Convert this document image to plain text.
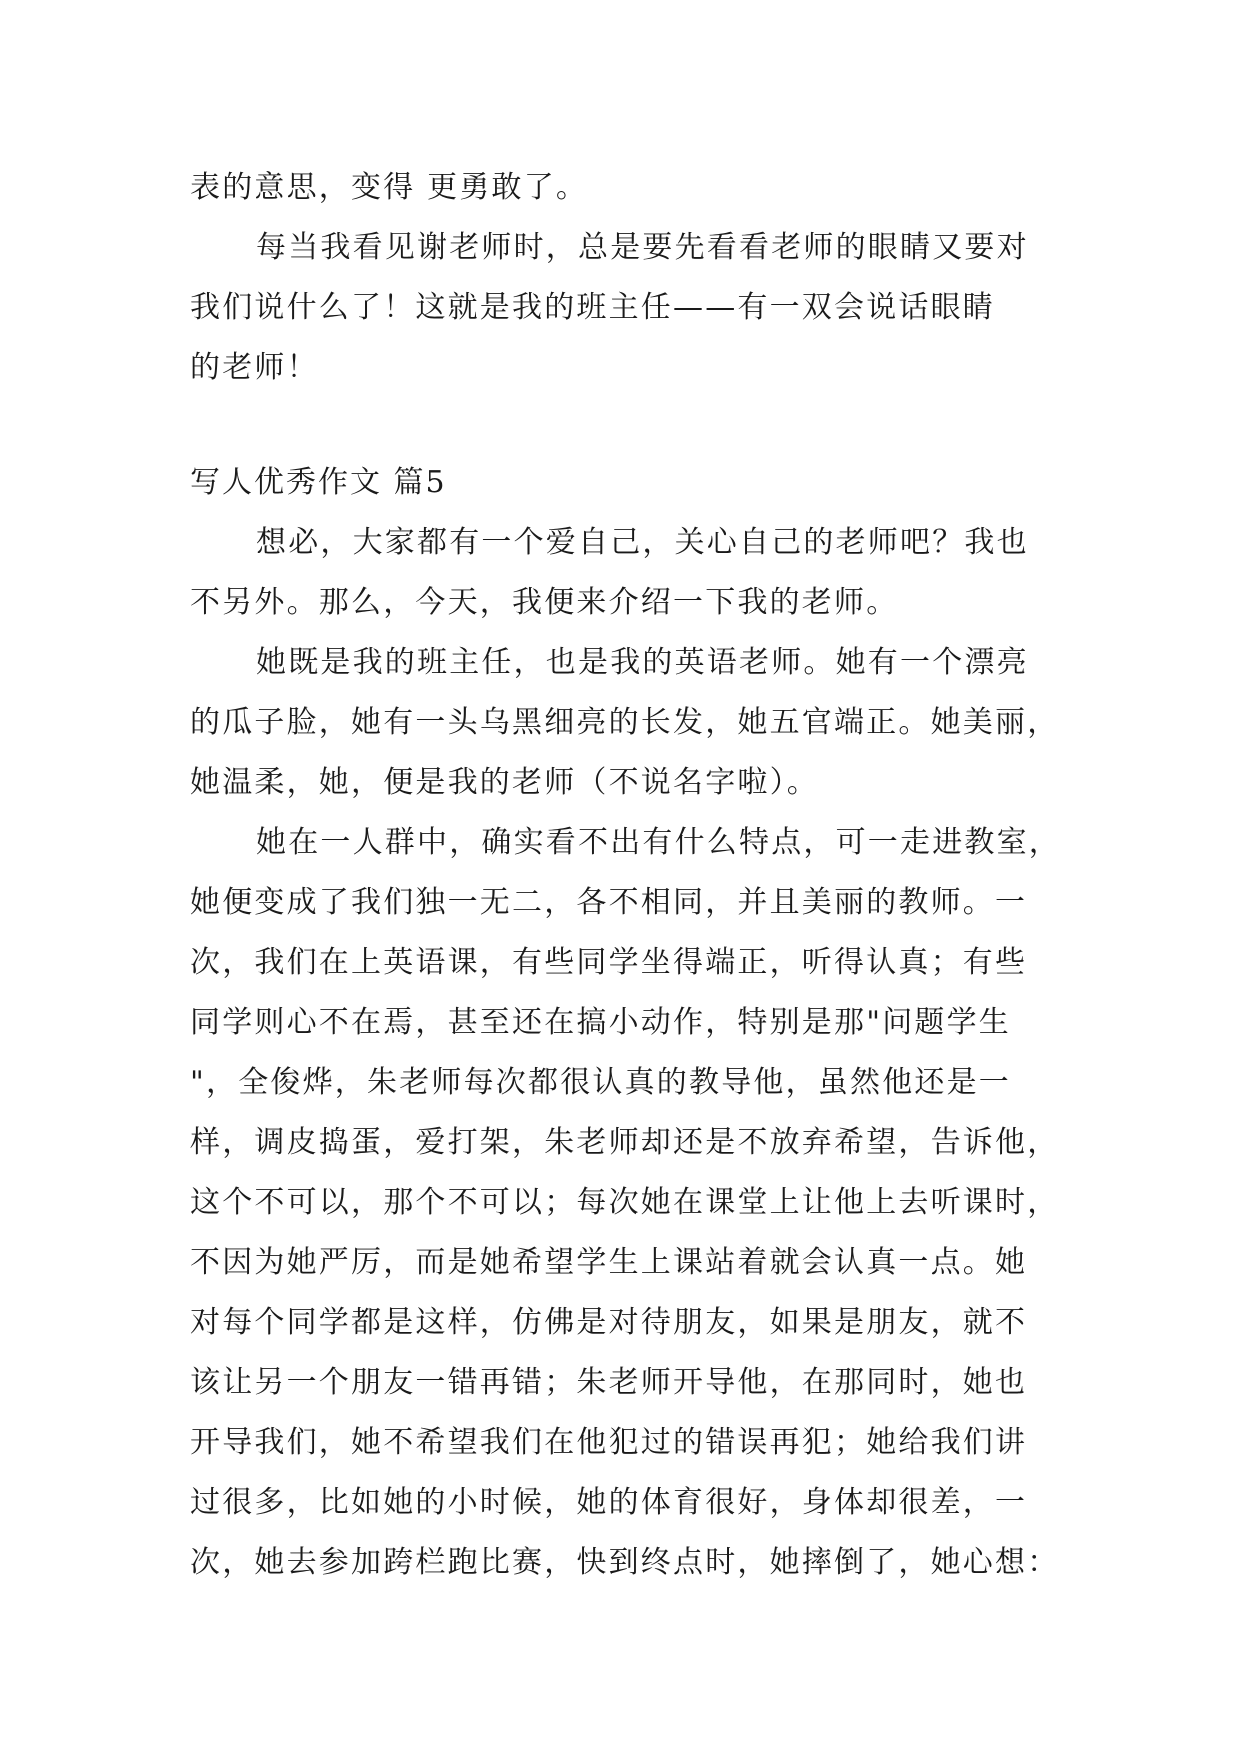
表的意思，变得 更勇敢了。
每当我看见谢老师时，总是要先看看老师的眼睛又要对
我们说什么了！这就是我的班主任——有一双会说话眼睛
的老师！
写人优秀作文 篇5
想必，大家都有一个爱自己，关心自己的老师吧？我也
不另外。那么，今天，我便来介绍一下我的老师。
她既是我的班主任，也是我的英语老师。她有一个漂亮
的瓜子脸，她有一头乌黑细亮的长发，她五官端正。她美丽，
她温柔，她，便是我的老师（不说名字啦）。
她在一人群中，确实看不出有什么特点，可一走进教室，
她便变成了我们独一无二，各不相同，并且美丽的教师。一
次，我们在上英语课，有些同学坐得端正，听得认真；有些
同学则心不在焉，甚至还在搞小动作，特别是那"问题学生
"，全俊烨，朱老师每次都很认真的教导他，虽然他还是一
样，调皮捣蛋，爱打架，朱老师却还是不放弃希望，告诉他，
这个不可以，那个不可以；每次她在课堂上让他上去听课时，
不因为她严厉，而是她希望学生上课站着就会认真一点。她
对每个同学都是这样，仿佛是对待朋友，如果是朋友，就不
该让另一个朋友一错再错；朱老师开导他，在那同时，她也
开导我们，她不希望我们在他犯过的错误再犯；她给我们讲
过很多，比如她的小时候，她的体育很好，身体却很差，一
次，她去参加跨栏跑比赛，快到终点时，她摔倒了，她心想：
